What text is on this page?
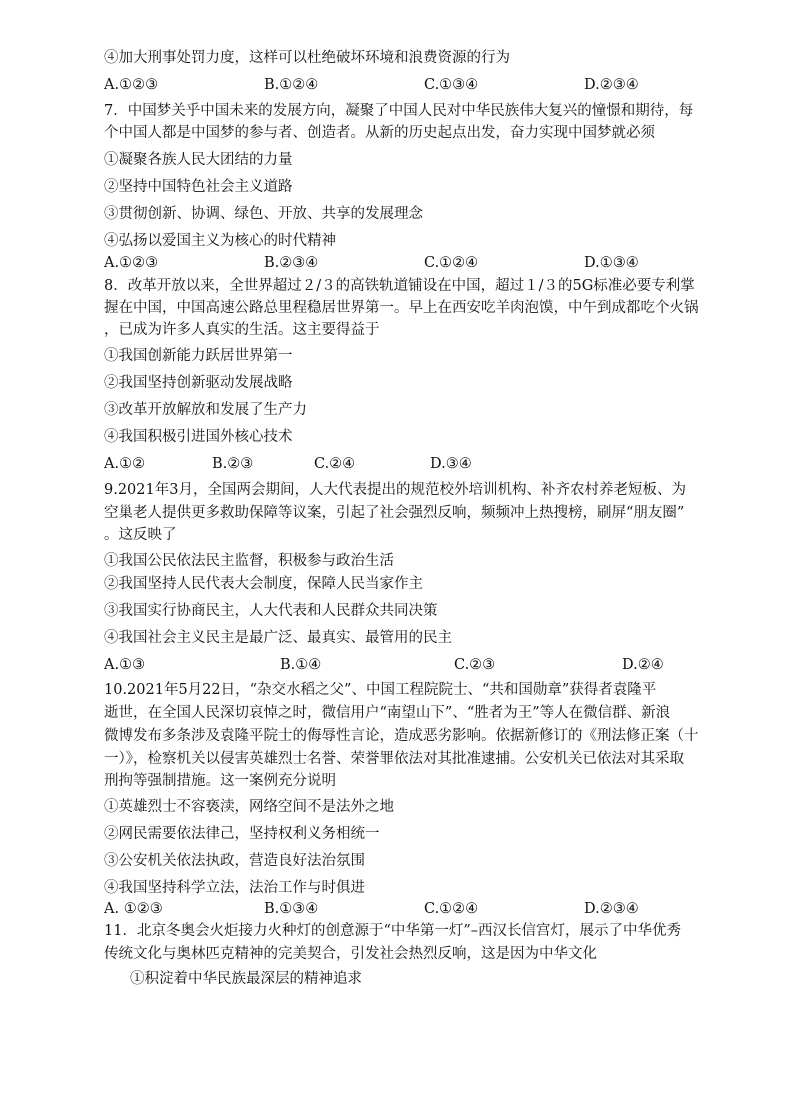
④加大刑事处罚力度，这样可以杜绝破坏环境和浪费资源的行为
A.①②③	B.①②④	C.①③④	D.②③④
7．中国梦关乎中国未来的发展方向，凝聚了中国人民对中华民族伟大复兴的憧憬和期待，每
个中国人都是中国梦的参与者、创造者。从新的历史起点出发，奋力实现中国梦就必须
①凝聚各族人民大团结的力量
②坚持中国特色社会主义道路
③贯彻创新、协调、绿色、开放、共享的发展理念
④弘扬以爱国主义为核心的时代精神
A.①②③	B.②③④	C.①②④	D.①③④
8．改革开放以来，全世界超过２/３的高铁轨道铺设在中国，超过１/３的5G标准必要专利掌
握在中国，中国高速公路总里程稳居世界第一。早上在西安吃羊肉泡馍，中午到成都吃个火锅
，已成为许多人真实的生活。这主要得益于
①我国创新能力跃居世界第一
②我国坚持创新驱动发展战略
③改革开放解放和发展了生产力
④我国积极引进国外核心技术
A.①②	B.②③	C.②④	D.③④
9.2021年3月，全国两会期间，人大代表提出的规范校外培训机构、补齐农村养老短板、为
空巢老人提供更多救助保障等议案，引起了社会强烈反响，频频冲上热搜榜，刷屏“朋友圈”
。这反映了
①我国公民依法民主监督，积极参与政治生活
②我国坚持人民代表大会制度，保障人民当家作主
③我国实行协商民主，人大代表和人民群众共同决策
④我国社会主义民主是最广泛、最真实、最管用的民主
A.①③	B.①④	C.②③	D.②④
10.2021年5月22日，“杂交水稻之父”、中国工程院院士、“共和国勋章”获得者袁隆平
逝世，在全国人民深切哀悼之时，微信用户“南望山下”、“胜者为王”等人在微信群、新浪
微博发布多条涉及袁隆平院士的侮辱性言论，造成恶劣影响。依据新修订的《刑法修正案（十
一）》，检察机关以侵害英雄烈士名誉、荣誉罪依法对其批准逮捕。公安机关已依法对其采取
刑拘等强制措施。这一案例充分说明
①英雄烈士不容亵渎，网络空间不是法外之地
②网民需要依法律己，坚持权利义务相统一
③公安机关依法执政，营造良好法治氛围
④我国坚持科学立法，法治工作与时俱进
A. ①②③	B.①③④	C.①②④	D.②③④
11．北京冬奥会火炬接力火种灯的创意源于“中华第一灯”–西汉长信宫灯，展示了中华优秀
传统文化与奥林匹克精神的完美契合，引发社会热烈反响，这是因为中华文化
①积淀着中华民族最深层的精神追求
